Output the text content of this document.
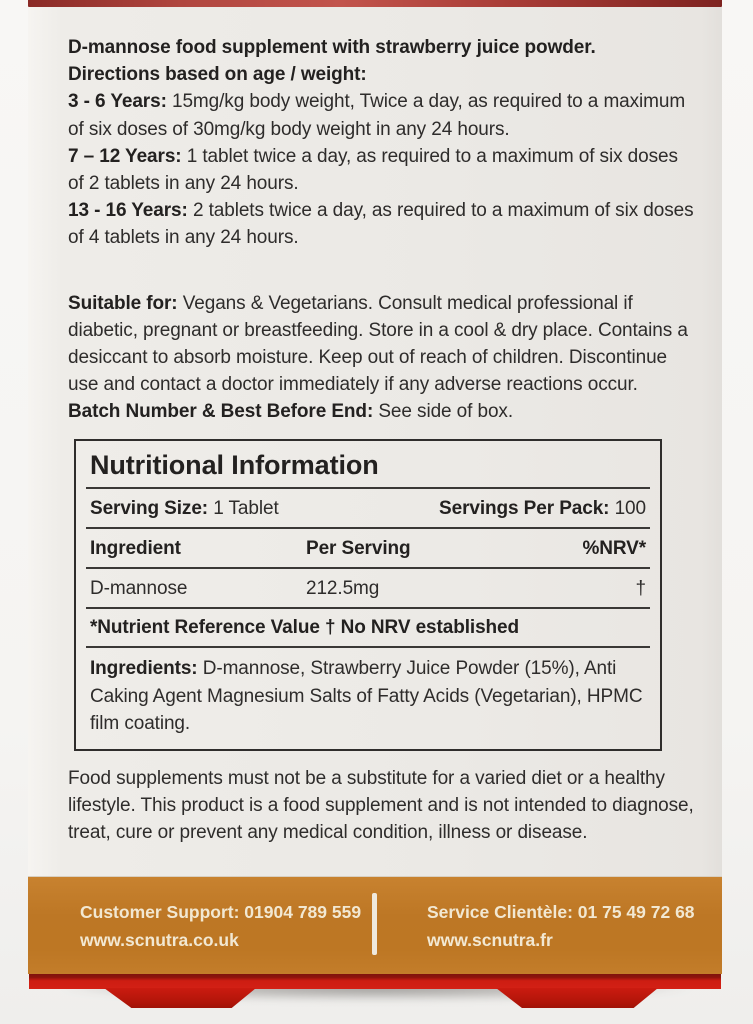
D-mannose food supplement with strawberry juice powder.

Directions based on age / weight:

3 - 6 Years: 15mg/kg body weight, Twice a day, as required to a maximum of six doses of 30mg/kg body weight in any 24 hours.

7 – 12 Years: 1 tablet twice a day, as required to a maximum of six doses of 2 tablets in any 24 hours.

13 - 16 Years: 2 tablets twice a day, as required to a maximum of six doses of 4 tablets in any 24 hours.

Suitable for: Vegans & Vegetarians. Consult medical professional if diabetic, pregnant or breastfeeding. Store in a cool & dry place. Contains a desiccant to absorb moisture. Keep out of reach of children. Discontinue use and contact a doctor immediately if any adverse reactions occur.

Batch Number & Best Before End: See side of box.

Nutritional Information
Serving Size: 1 Tablet	Servings Per Pack: 100
Ingredient	Per Serving	%NRV*
D-mannose	212.5mg	†
*Nutrient Reference Value † No NRV established
Ingredients: D-mannose, Strawberry Juice Powder (15%), Anti Caking Agent Magnesium Salts of Fatty Acids (Vegetarian), HPMC film coating.

Food supplements must not be a substitute for a varied diet or a healthy lifestyle. This product is a food supplement and is not intended to diagnose, treat, cure or prevent any medical condition, illness or disease.

Customer Support: 01904 789 559

www.scnutra.co.uk

Service Clientèle: 01 75 49 72 68

www.scnutra.fr
